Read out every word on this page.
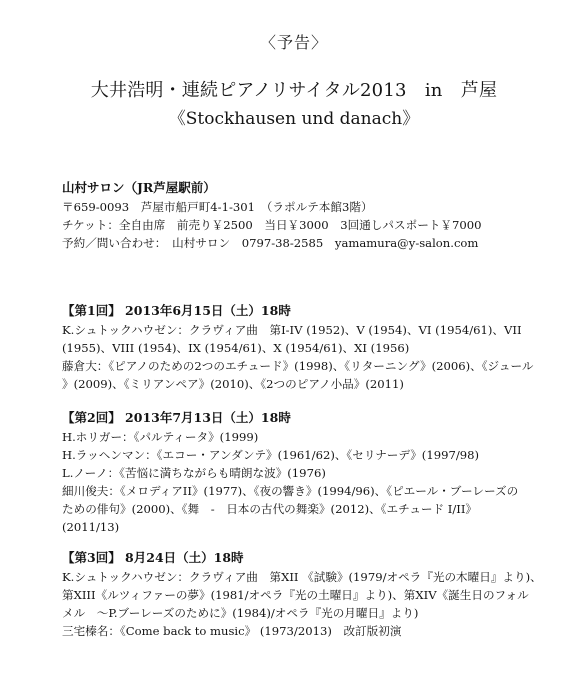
〈予告〉
大井浩明・連続ピアノリサイタル2013　in　芦屋
《Stockhausen und danach》
山村サロン（JR芦屋駅前）
〒659-0093　芦屋市船戸町4-1-301　（ラポルテ本館3階）
チケット：全自由席　前売り￥2500　当日￥3000　3回通しパスポート￥7000
予約／問い合わせ：　山村サロン　0797-38-2585　yamamura@y-salon.com
【第1回】 2013年6月15日（土）18時
K.シュトックハウゼン：クラヴィア曲　第I-IV (1952)、V (1954)、VI (1954/61)、VII
(1955)、VIII (1954)、IX (1954/61)、X (1954/61)、XI (1956)
藤倉大：《ピアノのための2つのエチュード》(1998)、《リターニング》(2006)、《ジュール
》(2009)、《ミリアンペア》(2010)、《2つのピアノ小品》(2011)
【第2回】 2013年7月13日（土）18時
H.ホリガー：《パルティータ》(1999)
H.ラッヘンマン：《エコー・アンダンテ》(1961/62)、《セリナーデ》(1997/98)
L.ノーノ：《苦悩に満ちながらも晴朗な波》(1976)
細川俊夫：《メロディアII》(1977)、《夜の響き》(1994/96)、《ピエール・ブーレーズの
ための俳句》(2000)、《舞　-　日本の古代の舞楽》(2012)、《エチュード I/II》
(2011/13)
【第3回】 8月24日（土）18時
K.シュトックハウゼン：クラヴィア曲　第XII 《試験》(1979/オペラ『光の木曜日』より)、
第XIII《ルツィファーの夢》(1981/オペラ『光の土曜日』より)、第XIV《誕生日のフォル
メル　～P.ブーレーズのために》(1984)/オペラ『光の月曜日』より)
三宅榛名：《Come back to music》 (1973/2013)　改訂版初演
